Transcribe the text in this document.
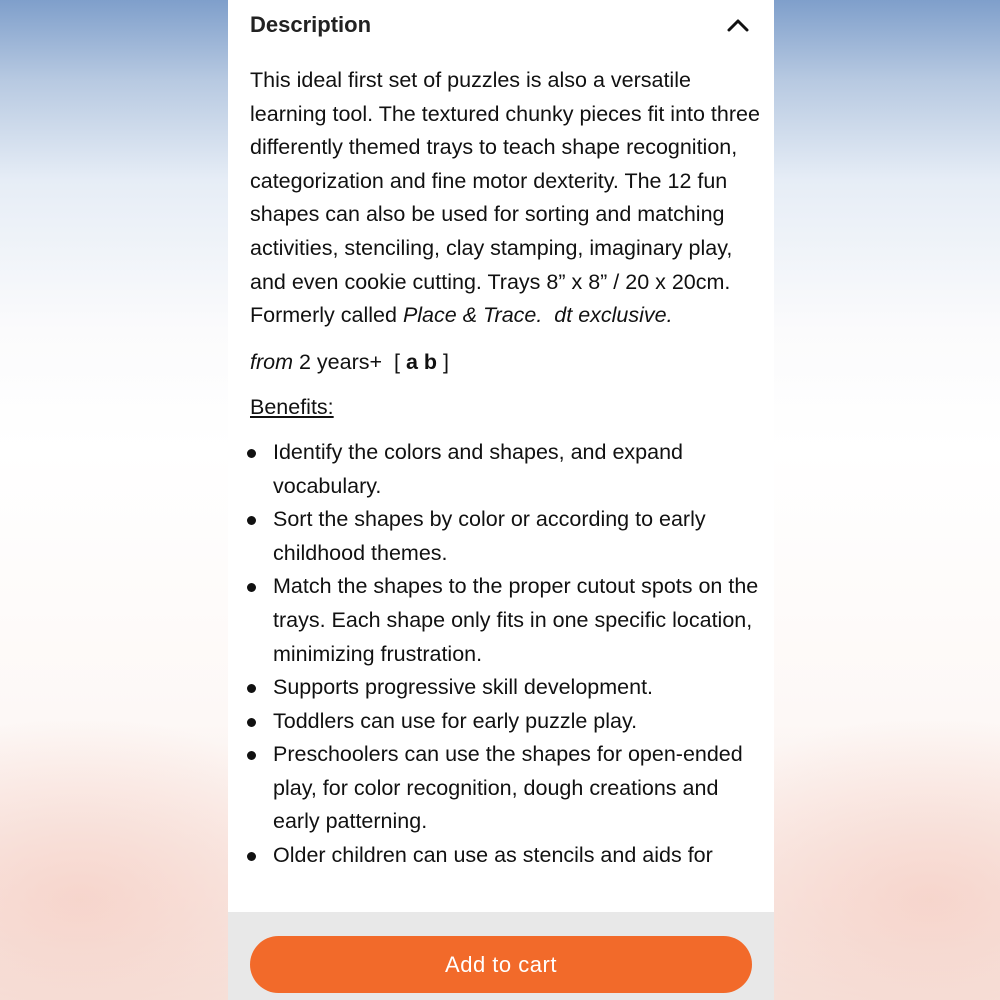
Description

This ideal first set of puzzles is also a versatile learning tool. The textured chunky pieces fit into three differently themed trays to teach shape recognition, categorization and fine motor dexterity. The 12 fun shapes can also be used for sorting and matching activities, stenciling, clay stamping, imaginary play, and even cookie cutting. Trays 8” x 8” / 20 x 20cm. Formerly called Place & Trace. dt exclusive.

from 2 years+  [ a b ]

Benefits:

Identify the colors and shapes, and expand vocabulary.
Sort the shapes by color or according to early childhood themes.
Match the shapes to the proper cutout spots on the trays. Each shape only fits in one specific location, minimizing frustration.
Supports progressive skill development.
Toddlers can use for early puzzle play.
Preschoolers can use the shapes for open-ended play, for color recognition, dough creations and early patterning.
Older children can use as stencils and aids for
Add to cart
